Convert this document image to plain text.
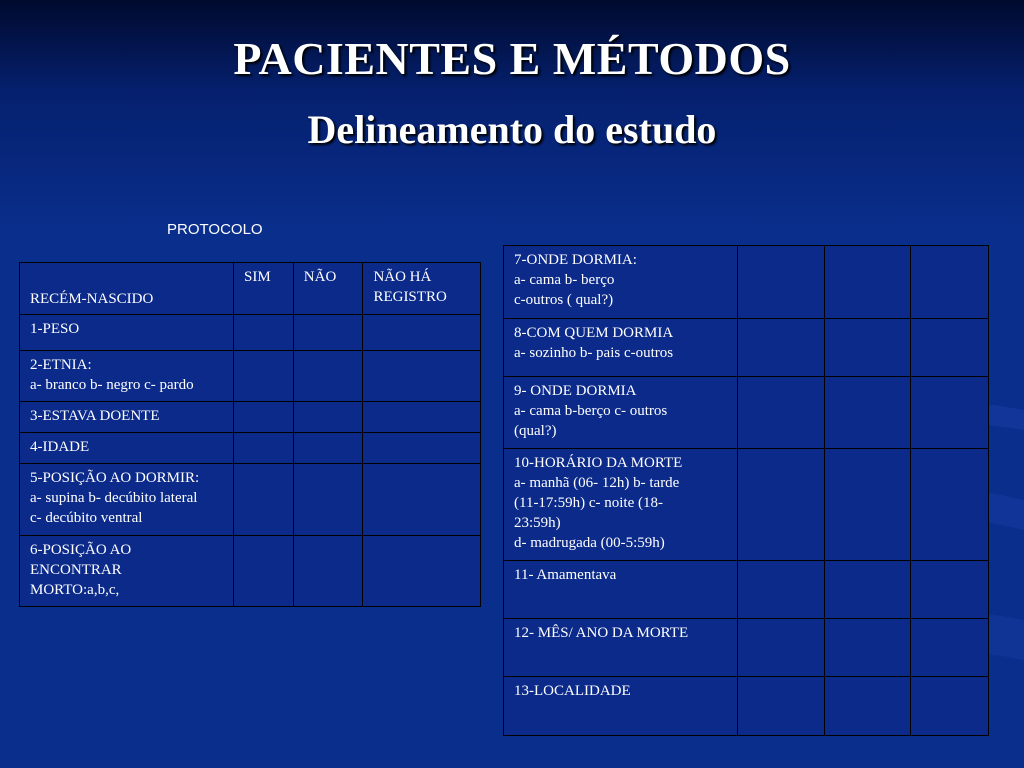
PACIENTES E MÉTODOS
Delineamento do estudo
PROTOCOLO
RECÉM-NASCIDO	SIM	NÃO	NÃO HÁ REGISTRO
1-PESO			
2-ETNIA:
a- branco b- negro c- pardo			
3-ESTAVA DOENTE			
4-IDADE			
5-POSIÇÃO AO DORMIR:
a- supina b- decúbito lateral
c- decúbito ventral			
6-POSIÇÃO AO
ENCONTRAR
MORTO:a,b,c,			
7-ONDE DORMIA:
a- cama b- berço
c-outros ( qual?)			
8-COM QUEM DORMIA
a- sozinho b- pais c-outros			
9- ONDE DORMIA
a- cama b-berço c- outros
(qual?)			
10-HORÁRIO DA MORTE
a- manhã (06- 12h) b- tarde
(11-17:59h) c- noite (18-
23:59h)
d- madrugada (00-5:59h)			
11- Amamentava			
12- MÊS/ ANO DA MORTE			
13-LOCALIDADE			
